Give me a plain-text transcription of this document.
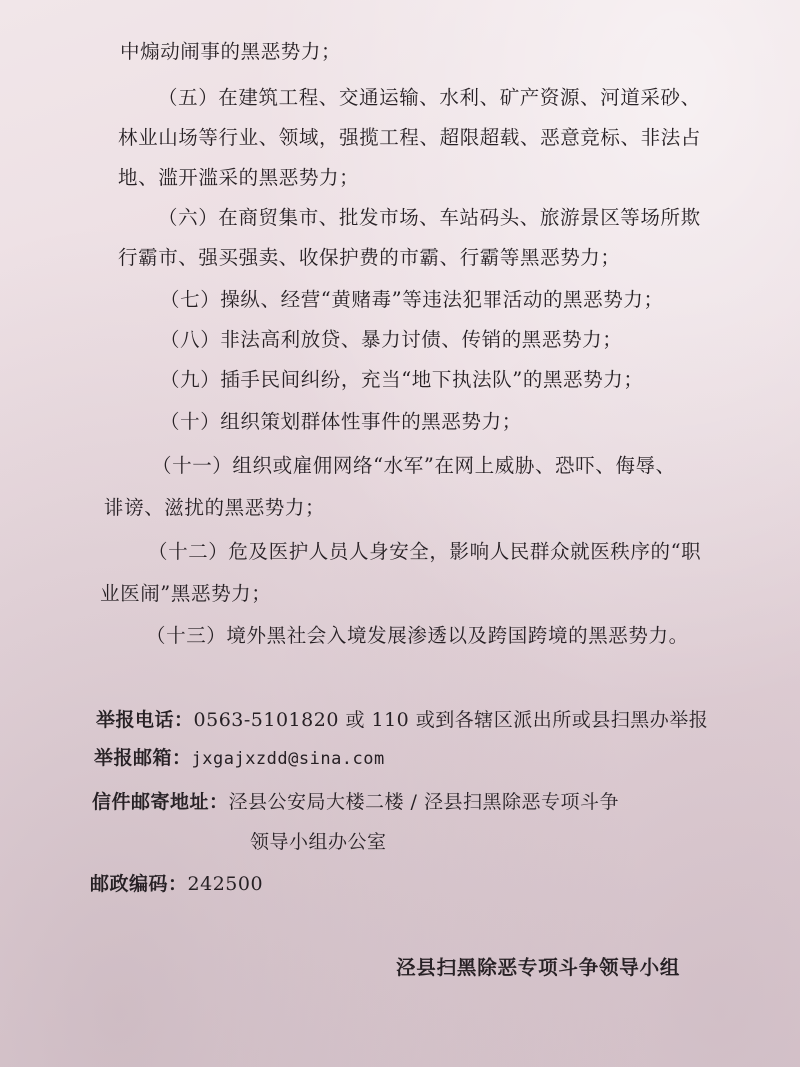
中煽动闹事的黑恶势力；
（五）在建筑工程、交通运输、水利、矿产资源、河道采砂、
林业山场等行业、领域，强揽工程、超限超载、恶意竞标、非法占
地、滥开滥采的黑恶势力；
（六）在商贸集市、批发市场、车站码头、旅游景区等场所欺
行霸市、强买强卖、收保护费的市霸、行霸等黑恶势力；
（七）操纵、经营“黄赌毒”等违法犯罪活动的黑恶势力；
（八）非法高利放贷、暴力讨债、传销的黑恶势力；
（九）插手民间纠纷，充当“地下执法队”的黑恶势力；
（十）组织策划群体性事件的黑恶势力；
（十一）组织或雇佣网络“水军”在网上威胁、恐吓、侮辱、
诽谤、滋扰的黑恶势力；
（十二）危及医护人员人身安全，影响人民群众就医秩序的“职
业医闹”黑恶势力；
（十三）境外黑社会入境发展渗透以及跨国跨境的黑恶势力。
举报电话：0563-5101820 或 110 或到各辖区派出所或县扫黑办举报
举报邮箱：jxgajxzdd@sina.com
信件邮寄地址：泾县公安局大楼二楼 / 泾县扫黑除恶专项斗争
领导小组办公室
邮政编码：242500
泾县扫黑除恶专项斗争领导小组
